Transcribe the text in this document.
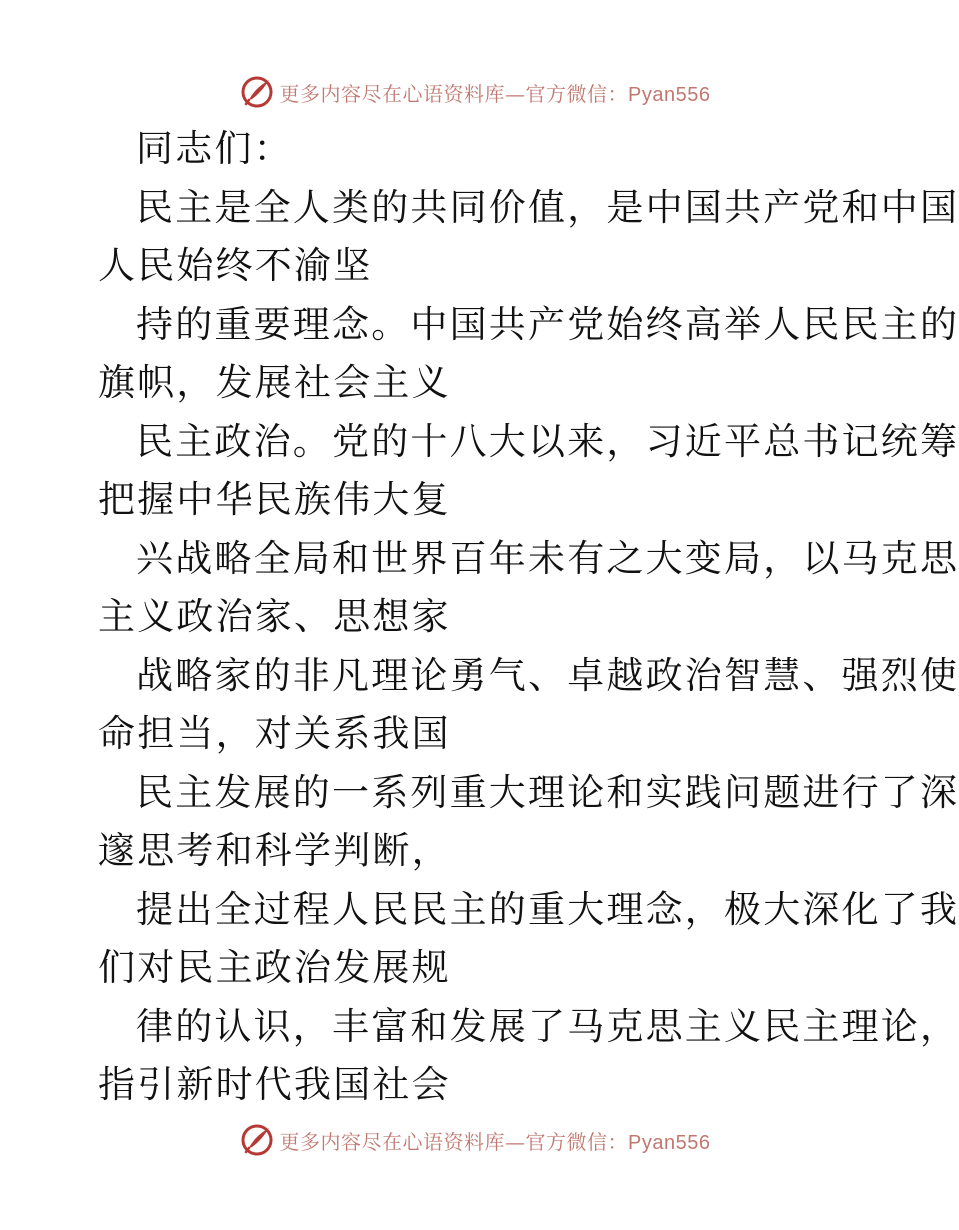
更多内容尽在心语资料库—官方微信：Pyan556
同志们：
民主是全人类的共同价值，是中国共产党和中国
人民始终不渝坚
持的重要理念。中国共产党始终高举人民民主的
旗帜，发展社会主义
民主政治。党的十八大以来，习近平总书记统筹
把握中华民族伟大复
兴战略全局和世界百年未有之大变局，以马克思
主义政治家、思想家
战略家的非凡理论勇气、卓越政治智慧、强烈使
命担当，对关系我国
民主发展的一系列重大理论和实践问题进行了深
邃思考和科学判断，
提出全过程人民民主的重大理念，极大深化了我
们对民主政治发展规
律的认识，丰富和发展了马克思主义民主理论，
指引新时代我国社会
更多内容尽在心语资料库—官方微信：Pyan556
